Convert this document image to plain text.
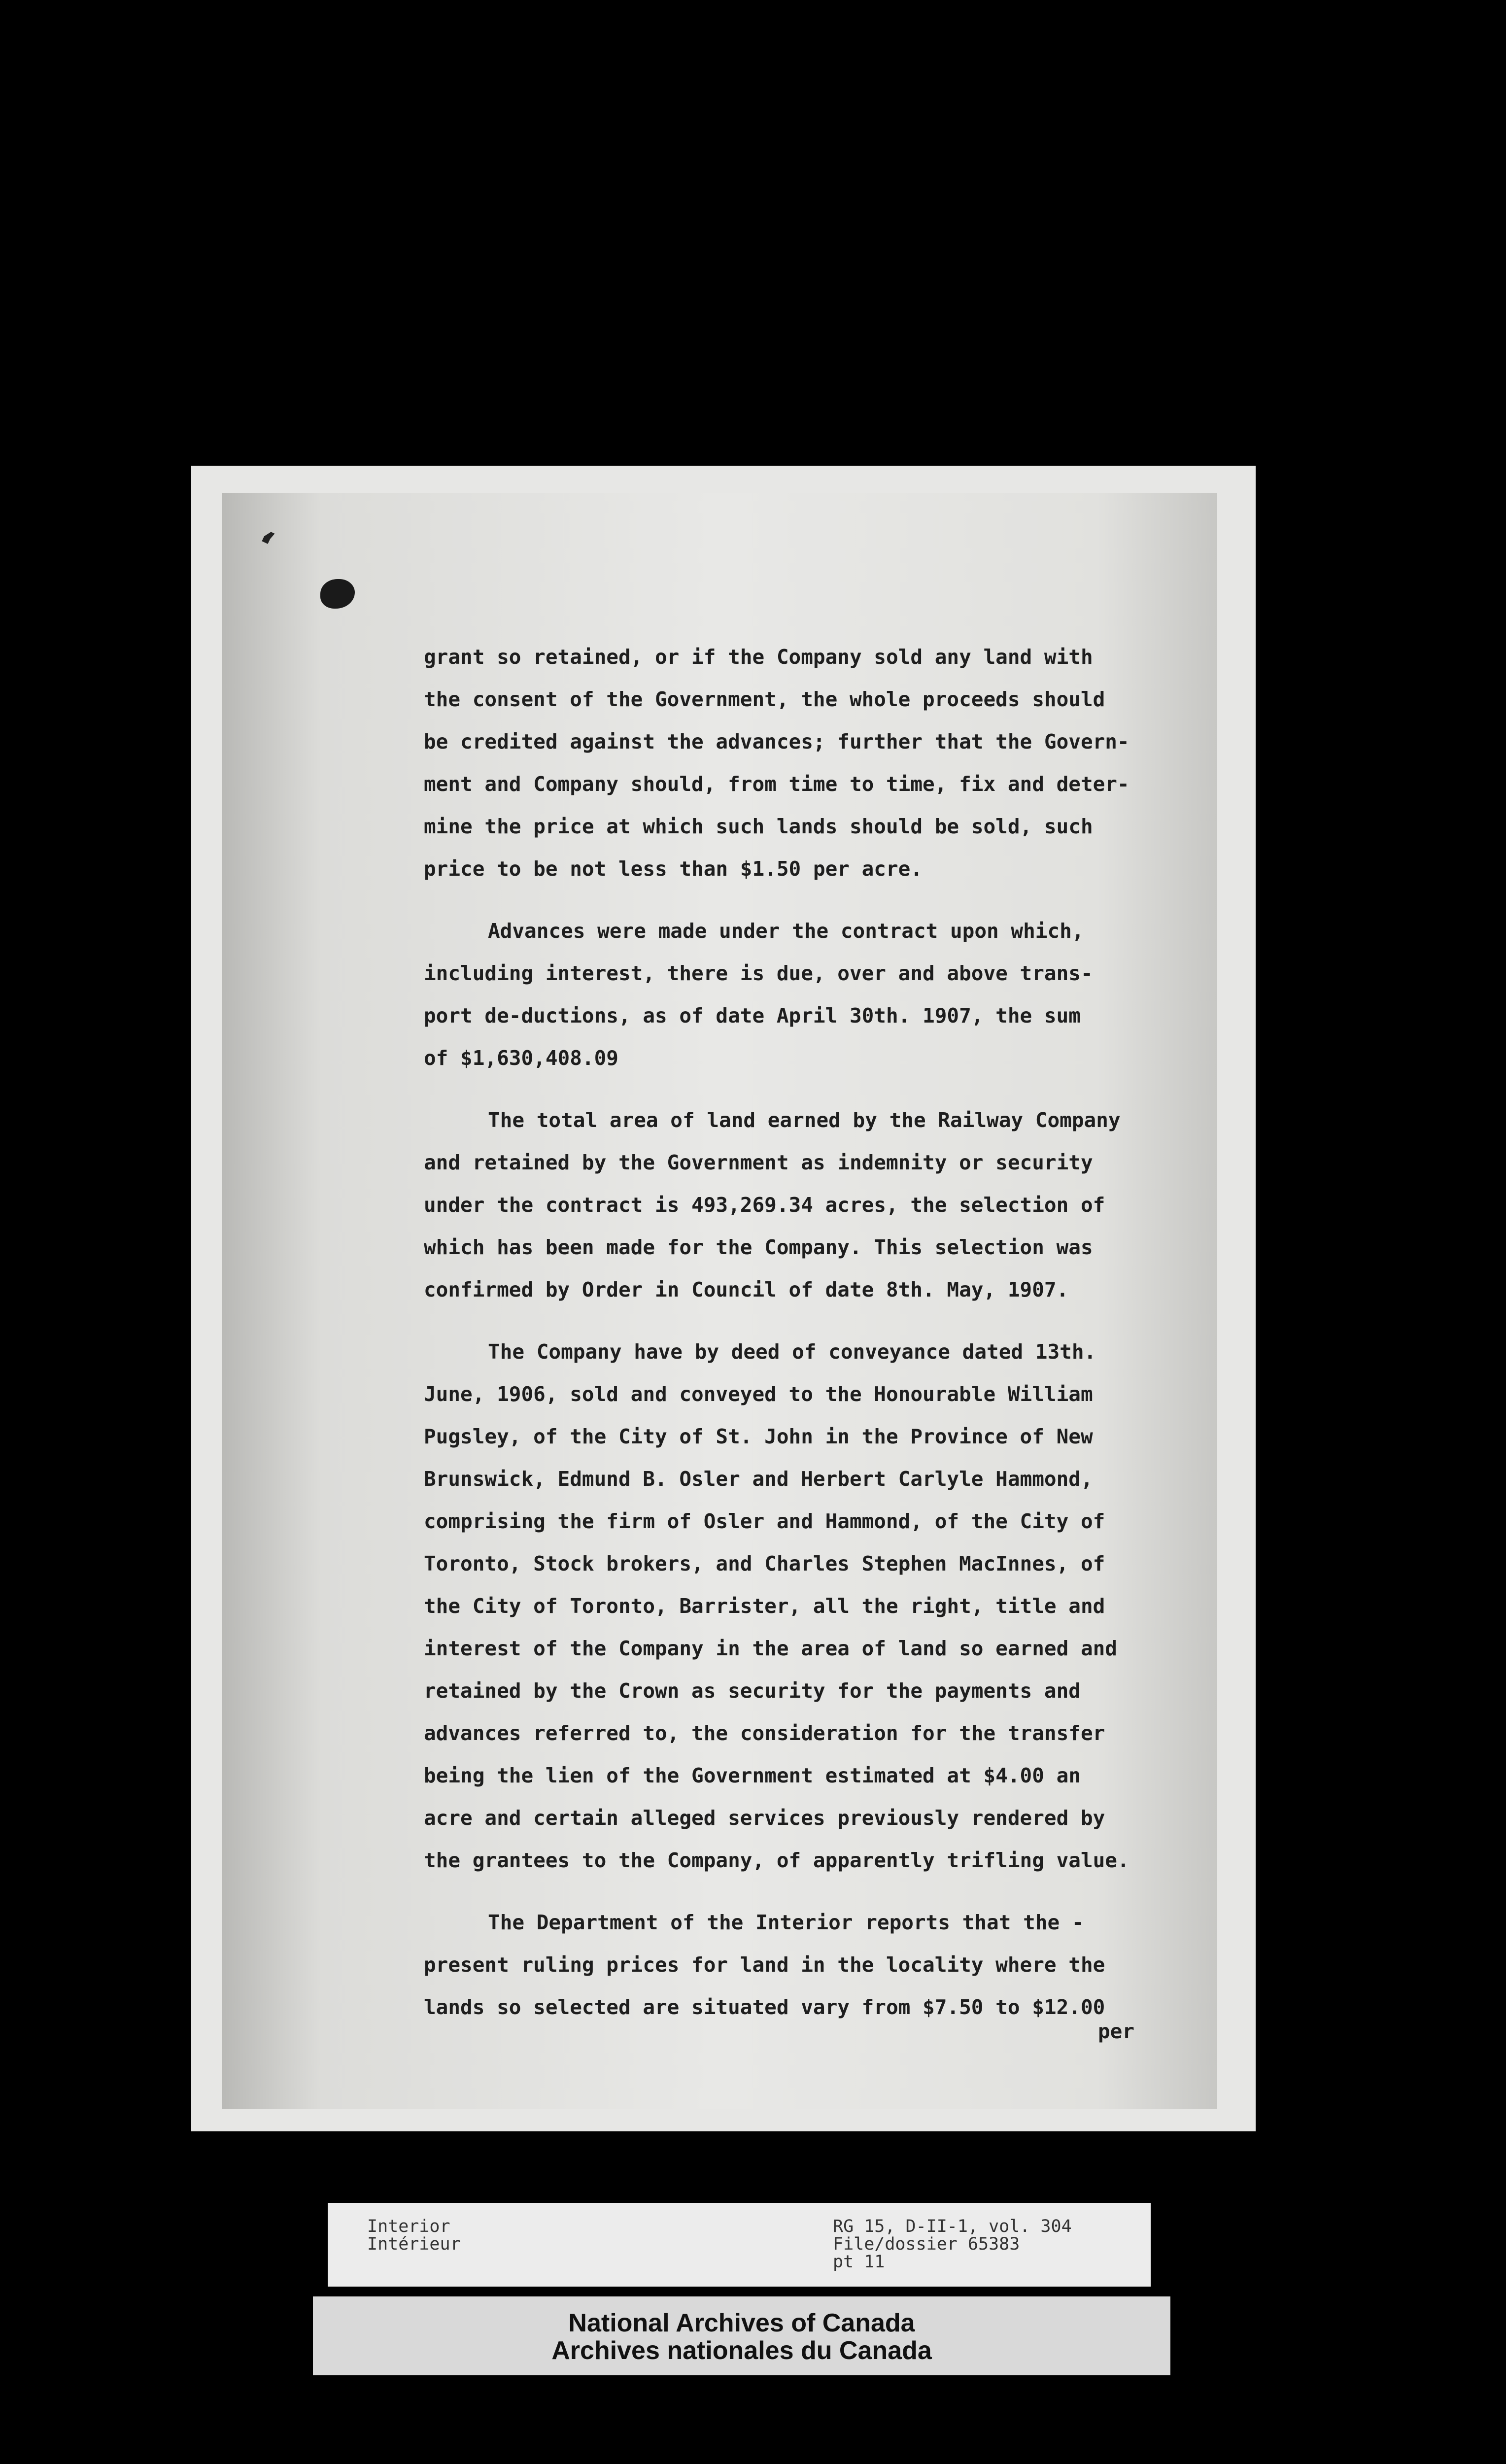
ʻ
grant so retained, or if the Company sold any land with
the consent of the Government, the whole proceeds should
be credited against the advances; further that the Govern-
ment and Company should, from time to time, fix and deter-
mine the price at which such lands should be sold, such
price to be not less than $1.50 per acre.
Advances were made under the contract upon which,
including interest, there is due, over and above trans-
port de-ductions, as of date April 30th. 1907, the sum
of $1,630,408.09
The total area of land earned by the Railway Company
and retained by the Government as indemnity or security
under the contract is 493,269.34 acres, the selection of
which has been made for the Company. This selection was
confirmed by Order in Council of date 8th. May, 1907.
The Company have by deed of conveyance dated 13th.
June, 1906, sold and conveyed to the Honourable William
Pugsley, of the City of St. John in the Province of New
Brunswick, Edmund B. Osler and Herbert Carlyle Hammond,
comprising the firm of Osler and Hammond, of the City of
Toronto, Stock brokers, and Charles Stephen MacInnes, of
the City of Toronto, Barrister, all the right, title and
interest of the Company in the area of land so earned and
retained by the Crown as security for the payments and
advances referred to, the consideration for the transfer
being the lien of the Government estimated at $4.00 an
acre and certain alleged services previously rendered by
the grantees to the Company, of apparently trifling value.
The Department of the Interior reports that the -
present ruling prices for land in the locality where the
lands so selected are situated vary from $7.50 to $12.00
per
Interior
Intérieur
RG 15, D-II-1, vol. 304
File/dossier 65383
pt 11
National Archives of Canada
Archives nationales du Canada
